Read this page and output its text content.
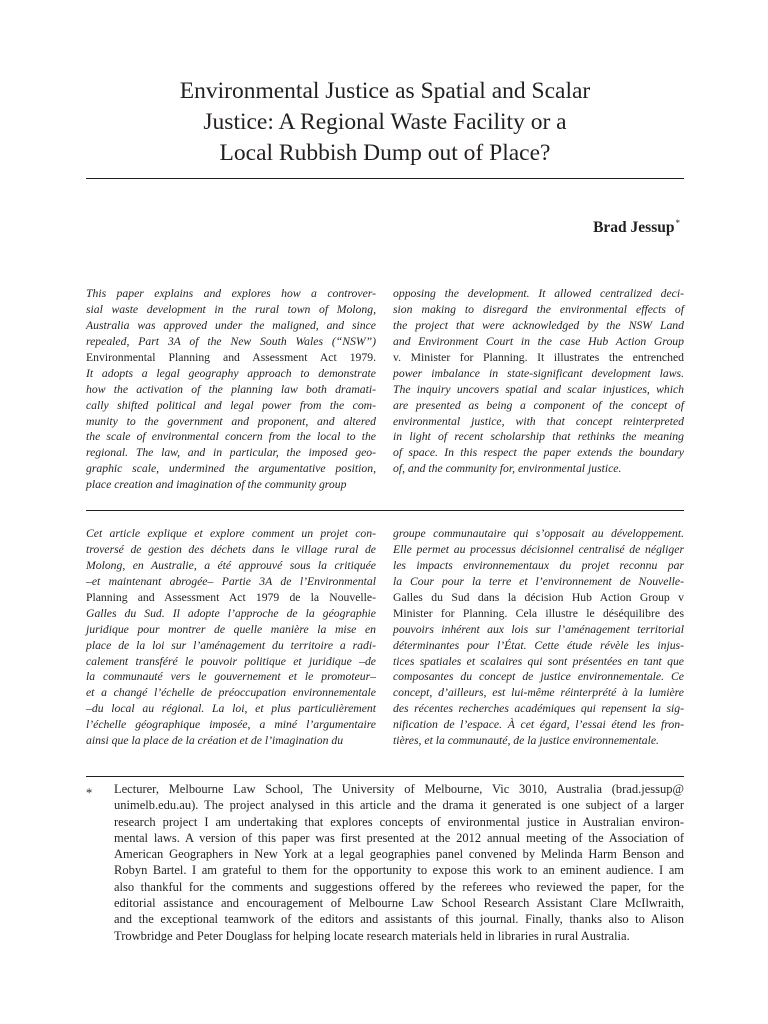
Environmental Justice as Spatial and Scalar
Justice: A Regional Waste Facility or a
Local Rubbish Dump out of Place?
Brad Jessup*
This paper explains and explores how a controver-
sial waste development in the rural town of Molong,
Australia was approved under the maligned, and since
repealed, Part 3A of the New South Wales (“NSW”)
Environmental Planning and Assessment Act 1979.
It adopts a legal geography approach to demonstrate
how the activation of the planning law both dramati-
cally shifted political and legal power from the com-
munity to the government and proponent, and altered
the scale of environmental concern from the local to the
regional. The law, and in particular, the imposed geo-
graphic scale, undermined the argumentative position,
place creation and imagination of the community group
opposing the development. It allowed centralized deci-
sion making to disregard the environmental effects of
the project that were acknowledged by the NSW Land
and Environment Court in the case Hub Action Group
v. Minister for Planning. It illustrates the entrenched
power imbalance in state-significant development laws.
The inquiry uncovers spatial and scalar injustices, which
are presented as being a component of the concept of
environmental justice, with that concept reinterpreted
in light of recent scholarship that rethinks the meaning
of space. In this respect the paper extends the boundary
of, and the community for, environmental justice.
Cet article explique et explore comment un projet con-
troversé de gestion des déchets dans le village rural de
Molong, en Australie, a été approuvé sous la critiquée
–et maintenant abrogée– Partie 3A de l’Environmental
Planning and Assessment Act 1979 de la Nouvelle-
Galles du Sud. Il adopte l’approche de la géographie
juridique pour montrer de quelle manière la mise en
place de la loi sur l’aménagement du territoire a radi-
calement transféré le pouvoir politique et juridique –de
la communauté vers le gouvernement et le promoteur–
et a changé l’échelle de préoccupation environnementale
–du local au régional. La loi, et plus particulièrement
l’échelle géographique imposée, a miné l’argumentaire
ainsi que la place de la création et de l’imagination du
groupe communautaire qui s’opposait au développement.
Elle permet au processus décisionnel centralisé de négliger
les impacts environnementaux du projet reconnu par
la Cour pour la terre et l’environnement de Nouvelle-
Galles du Sud dans la décision Hub Action Group v
Minister for Planning. Cela illustre le déséquilibre des
pouvoirs inhérent aux lois sur l’aménagement territorial
déterminantes pour l’État. Cette étude révèle les injus-
tices spatiales et scalaires qui sont présentées en tant que
composantes du concept de justice environnementale. Ce
concept, d’ailleurs, est lui-même réinterprété à la lumière
des récentes recherches académiques qui repensent la sig-
nification de l’espace. À cet égard, l’essai étend les fron-
tières, et la communauté, de la justice environnementale.
* Lecturer, Melbourne Law School, The University of Melbourne, Vic 3010, Australia (brad.jessup@
unimelb.edu.au). The project analysed in this article and the drama it generated is one subject of a larger
research project I am undertaking that explores concepts of environmental justice in Australian environ-
mental laws. A version of this paper was first presented at the 2012 annual meeting of the Association of
American Geographers in New York at a legal geographies panel convened by Melinda Harm Benson and
Robyn Bartel. I am grateful to them for the opportunity to expose this work to an eminent audience. I am
also thankful for the comments and suggestions offered by the referees who reviewed the paper, for the
editorial assistance and encouragement of Melbourne Law School Research Assistant Clare McIlwraith,
and the exceptional teamwork of the editors and assistants of this journal. Finally, thanks also to Alison
Trowbridge and Peter Douglass for helping locate research materials held in libraries in rural Australia.
